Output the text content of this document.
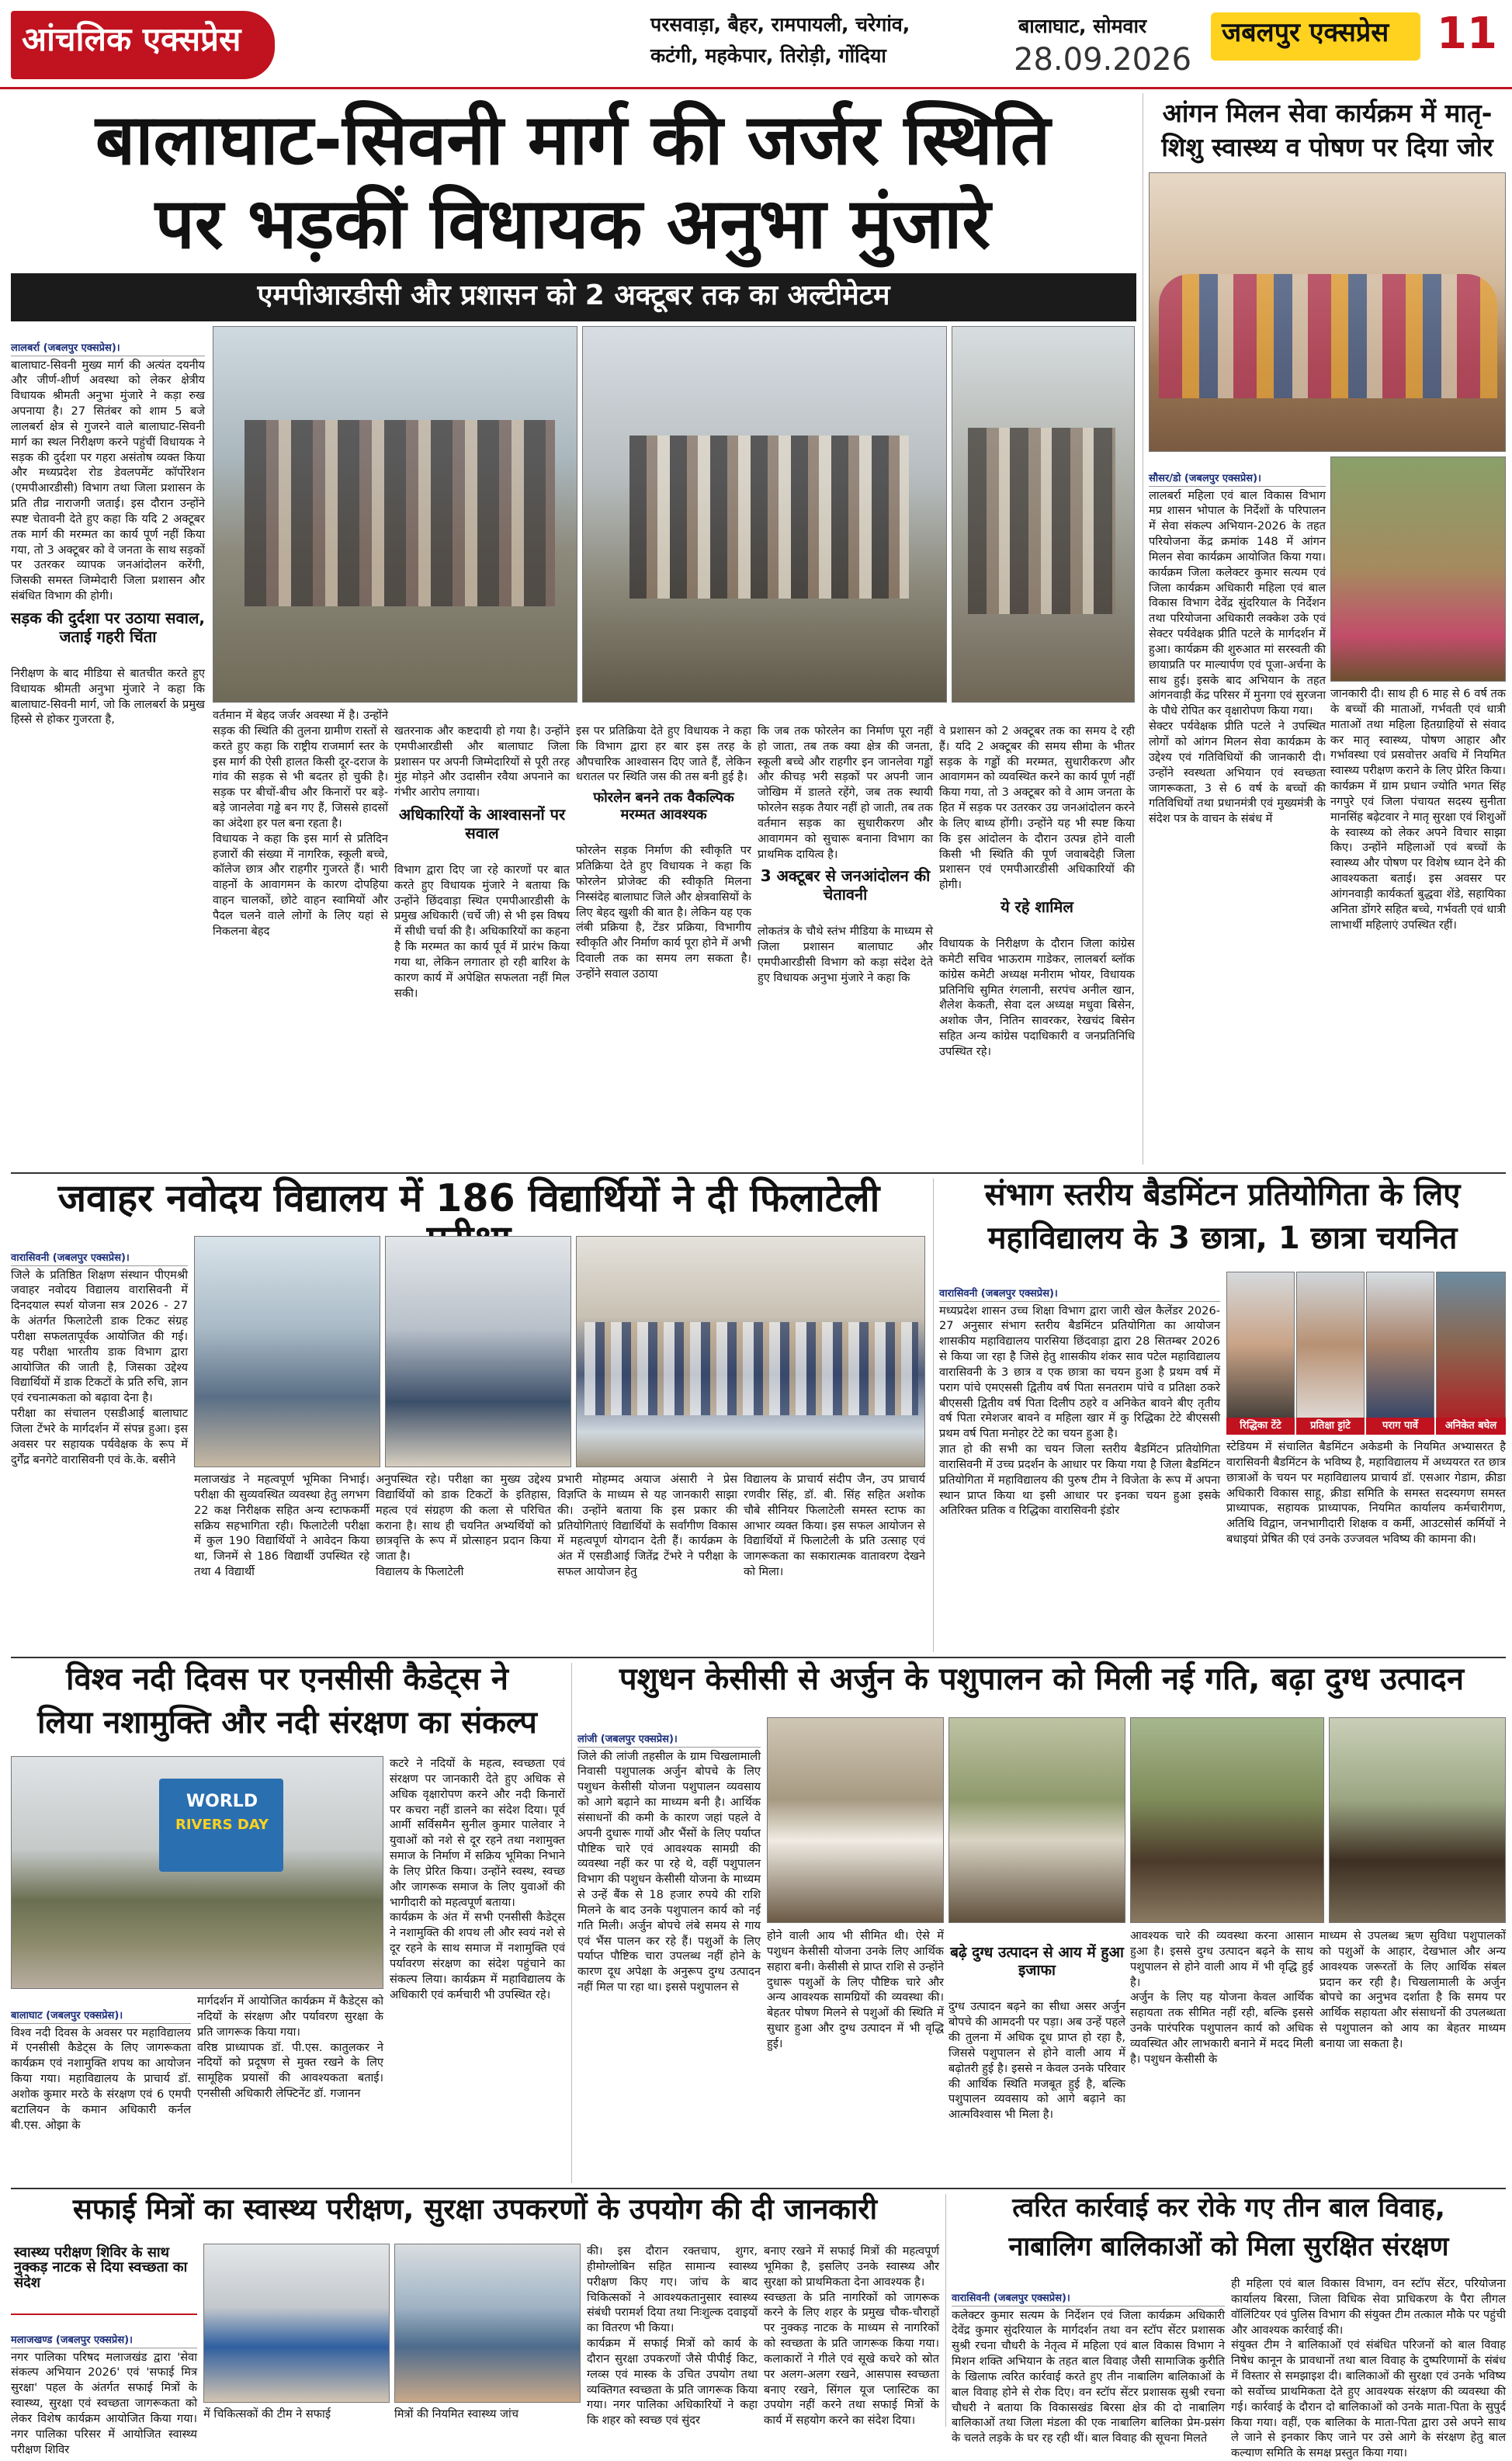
आंचलिक एक्सप्रेस	परसवाड़ा, बैहर, रामपायली, चरेगांव,
कटंगी, महकेपार, तिरोड़ी, गोंदिया
बालाघाट, सोमवार
28.09.2026
जबलपुर एक्सप्रेस	11
बालाघाट-सिवनी मार्ग की जर्जर स्थिति
पर भड़कीं विधायक अनुभा मुंजारे
एमपीआरडीसी और प्रशासन को 2 अक्टूबर तक का अल्टीमेटम

लालबर्रा (जबलपुर एक्सप्रेस)।
बालाघाट-सिवनी मुख्य मार्ग की अत्यंत दयनीय और जीर्ण-शीर्ण अवस्था को लेकर क्षेत्रीय विधायक श्रीमती अनुभा मुंजारे ने कड़ा रुख अपनाया है। 27 सितंबर को शाम 5 बजे लालबर्रा क्षेत्र से गुजरने वाले बालाघाट-सिवनी मार्ग का स्थल निरीक्षण करने पहुंचीं विधायक ने सड़क की दुर्दशा पर गहरा असंतोष व्यक्त किया और मध्यप्रदेश रोड डेवलपमेंट कॉर्पोरेशन (एमपीआरडीसी) विभाग तथा जिला प्रशासन के प्रति तीव्र नाराजगी जताई। इस दौरान उन्होंने स्पष्ट चेतावनी देते हुए कहा कि यदि 2 अक्टूबर तक मार्ग की मरम्मत का कार्य पूर्ण नहीं किया गया, तो 3 अक्टूबर को वे जनता के साथ सड़कों पर उतरकर व्यापक जनआंदोलन करेंगी, जिसकी समस्त जिम्मेदारी जिला प्रशासन और संबंधित विभाग की होगी।

सड़क की दुर्दशा पर उठाया सवाल, जताई गहरी चिंता

निरीक्षण के बाद मीडिया से बातचीत करते हुए विधायक श्रीमती अनुभा मुंजारे ने कहा कि बालाघाट-सिवनी मार्ग, जो कि लालबर्रा के प्रमुख हिस्से से होकर गुजरता है,	वर्तमान में बेहद जर्जर अवस्था में है। उन्होंने सड़क की स्थिति की तुलना ग्रामीण रास्तों से करते हुए कहा कि राष्ट्रीय राजमार्ग स्तर के इस मार्ग की ऐसी हालत किसी दूर-दराज के गांव की सड़क से भी बदतर हो चुकी है। सड़क पर बीचों-बीच और किनारों पर बड़े-बड़े जानलेवा गड्ढे बन गए हैं, जिससे हादसों का अंदेशा हर पल बना रहता है।
विधायक ने कहा कि इस मार्ग से प्रतिदिन हजारों की संख्या में नागरिक, स्कूली बच्चे, कॉलेज छात्र और राहगीर गुजरते हैं। भारी वाहनों के आवागमन के कारण दोपहिया वाहन चालकों, छोटे वाहन स्वामियों और पैदल चलने वाले लोगों के लिए यहां से निकलना बेहद

खतरनाक और कष्टदायी हो गया है। उन्होंने एमपीआरडीसी और बालाघाट जिला प्रशासन पर अपनी जिम्मेदारियों से पूरी तरह मुंह मोड़ने और उदासीन रवैया अपनाने का गंभीर आरोप लगाया।

अधिकारियों के आश्वासनों पर सवाल

विभाग द्वारा दिए जा रहे कारणों पर बात करते हुए विधायक मुंजारे ने बताया कि उन्होंने छिंदवाड़ा स्थित एमपीआरडीसी के प्रमुख अधिकारी (चर्चे जी) से भी इस विषय में सीधी चर्चा की है। अधिकारियों का कहना है कि मरम्मत का कार्य पूर्व में प्रारंभ किया गया था, लेकिन लगातार हो रही बारिश के कारण कार्य में अपेक्षित सफलता नहीं मिल सकी।

इस पर प्रतिक्रिया देते हुए विधायक ने कहा कि विभाग द्वारा हर बार इस तरह के औपचारिक आश्वासन दिए जाते हैं, लेकिन धरातल पर स्थिति जस की तस बनी हुई है।

फोरलेन बनने तक वैकल्पिक मरम्मत आवश्यक

फोरलेन सड़क निर्माण की स्वीकृति पर प्रतिक्रिया देते हुए विधायक ने कहा कि फोरलेन प्रोजेक्ट की स्वीकृति मिलना निस्संदेह बालाघाट जिले और क्षेत्रवासियों के लिए बेहद खुशी की बात है। लेकिन यह एक लंबी प्रक्रिया है, टेंडर प्रक्रिया, विभागीय स्वीकृति और निर्माण कार्य पूरा होने में अभी दिवाली तक का समय लग सकता है। उन्होंने सवाल उठाया

कि जब तक फोरलेन का निर्माण पूरा नहीं हो जाता, तब तक क्या क्षेत्र की जनता, स्कूली बच्चे और राहगीर इन जानलेवा गड्ढों और कीचड़ भरी सड़कों पर अपनी जान जोखिम में डालते रहेंगे, जब तक स्थायी फोरलेन सड़क तैयार नहीं हो जाती, तब तक वर्तमान सड़क का सुधारीकरण और आवागमन को सुचारू बनाना विभाग का प्राथमिक दायित्व है।

3 अक्टूबर से जनआंदोलन की चेतावनी

लोकतंत्र के चौथे स्तंभ मीडिया के माध्यम से जिला प्रशासन बालाघाट और एमपीआरडीसी विभाग को कड़ा संदेश देते हुए विधायक अनुभा मुंजारे ने कहा कि

वे प्रशासन को 2 अक्टूबर तक का समय दे रही हैं। यदि 2 अक्टूबर की समय सीमा के भीतर सड़क के गड्ढों की मरम्मत, सुधारीकरण और आवागमन को व्यवस्थित करने का कार्य पूर्ण नहीं किया गया, तो 3 अक्टूबर को वे आम जनता के हित में सड़क पर उतरकर उग्र जनआंदोलन करने के लिए बाध्य होंगी। उन्होंने यह भी स्पष्ट किया कि इस आंदोलन के दौरान उत्पन्न होने वाली किसी भी स्थिति की पूर्ण जवाबदेही जिला प्रशासन एवं एमपीआरडीसी अधिकारियों की होगी।

ये रहे शामिल

विधायक के निरीक्षण के दौरान जिला कांग्रेस कमेटी सचिव भाऊराम गाडेकर, लालबर्रा ब्लॉक कांग्रेस कमेटी अध्यक्ष मनीराम भोयर, विधायक प्रतिनिधि सुमित रंगलानी, सरपंच अनील खान, शैलेश केकती, सेवा दल अध्यक्ष मधुवा बिसेन, अशोक जैन, नितिन सावरकर, रेखचंद बिसेन सहित अन्य कांग्रेस पदाधिकारी व जनप्रतिनिधि उपस्थित रहे।

आंगन मिलन सेवा कार्यक्रम में मातृ-
शिशु स्वास्थ्य व पोषण पर दिया जोर

सौसर/डो (जबलपुर एक्सप्रेस)।
लालबर्रा महिला एवं बाल विकास विभाग मप्र शासन भोपाल के निर्देशों के परिपालन में सेवा संकल्प अभियान-2026 के तहत परियोजना केंद्र क्रमांक 148 में आंगन मिलन सेवा कार्यक्रम आयोजित किया गया। कार्यक्रम जिला कलेक्टर कुमार सत्यम एवं जिला कार्यक्रम अधिकारी महिला एवं बाल विकास विभाग देवेंद्र सुंदरियाल के निर्देशन तथा परियोजना अधिकारी लक्केश उके एवं सेक्टर पर्यवेक्षक प्रीति पटले के मार्गदर्शन में हुआ। कार्यक्रम की शुरुआत मां सरस्वती की छायाप्रति पर माल्यार्पण एवं पूजा-अर्चना के साथ हुई। इसके बाद अभियान के तहत आंगनवाड़ी केंद्र परिसर में मुनगा एवं सुरजना के पौधे रोपित कर वृक्षारोपण किया गया।
सेक्टर पर्यवेक्षक प्रीति पटले ने उपस्थित लोगों को आंगन मिलन सेवा कार्यक्रम के उद्देश्य एवं गतिविधियों की जानकारी दी। उन्होंने स्वस्थता अभियान एवं स्वच्छता जागरूकता, 3 से 6 वर्ष के बच्चों की गतिविधियों तथा प्रधानमंत्री एवं मुख्यमंत्री के संदेश पत्र के वाचन के संबंध में

जानकारी दी। साथ ही 6 माह से 6 वर्ष तक के बच्चों की माताओं, गर्भवती एवं धात्री माताओं तथा महिला हितग्राहियों से संवाद कर मातृ स्वास्थ्य, पोषण आहार और गर्भावस्था एवं प्रसवोत्तर अवधि में नियमित स्वास्थ्य परीक्षण कराने के लिए प्रेरित किया। कार्यक्रम में ग्राम प्रधान ज्योति भगत सिंह नगपुरे एवं जिला पंचायत सदस्य सुनीता मानसिंह बढ़ेटवार ने मातृ सुरक्षा एवं शिशुओं के स्वास्थ्य को लेकर अपने विचार साझा किए। उन्होंने महिलाओं एवं बच्चों के स्वास्थ्य और पोषण पर विशेष ध्यान देने की आवश्यकता बताई। इस अवसर पर आंगनवाड़ी कार्यकर्ता बुद्धवा शेंडे, सहायिका अनिता डोंगरे सहित बच्चे, गर्भवती एवं धात्री लाभार्थी महिलाएं उपस्थित रहीं।
जवाहर नवोदय विद्यालय में 186 विद्यार्थियों ने दी फिलाटेली

वारासिवनी (जबलपुर एक्सप्रेस)।
जिले के प्रतिष्ठित शिक्षण संस्थान पीएमश्री जवाहर नवोदय विद्यालय वारासिवनी में दिनदयाल स्पर्श योजना सत्र 2026 - 27 के अंतर्गत फिलाटेली डाक टिकट संग्रह परीक्षा सफलतापूर्वक आयोजित की गई। यह परीक्षा भारतीय डाक विभाग द्वारा आयोजित की जाती है, जिसका उद्देश्य विद्यार्थियों में डाक टिकटों के प्रति रुचि, ज्ञान एवं रचनात्मकता को बढ़ावा देना है।
परीक्षा का संचालन एसडीआई बालाघाट जिला टेंभरे के मार्गदर्शन में संपन्न हुआ। इस अवसर पर सहायक पर्यवेक्षक के रूप में दुर्गेंद्र बनगेटे वारासिवनी एवं के.के. बसीने

मलाजखंड ने महत्वपूर्ण भूमिका निभाई। परीक्षा की सुव्यवस्थित व्यवस्था हेतु लगभग 22 कक्ष निरीक्षक सहित अन्य स्टाफकर्मी सक्रिय सहभागिता रही। फिलाटेली परीक्षा में कुल 190 विद्यार्थियों ने आवेदन किया था, जिनमें से 186 विद्यार्थी उपस्थित रहे तथा 4 विद्यार्थी
अनुपस्थित रहे। परीक्षा का मुख्य उद्देश्य विद्यार्थियों को डाक टिकटों के इतिहास, महत्व एवं संग्रहण की कला से परिचित कराना है। साथ ही चयनित अभ्यर्थियों को छात्रवृत्ति के रूप में प्रोत्साहन प्रदान किया जाता है।
विद्यालय के फिलाटेली
प्रभारी मोहम्मद अयाज अंसारी ने प्रेस विज्ञप्ति के माध्यम से यह जानकारी साझा की। उन्होंने बताया कि इस प्रकार की प्रतियोगिताएं विद्यार्थियों के सर्वांगीण विकास में महत्वपूर्ण योगदान देती हैं। कार्यक्रम के अंत में एसडीआई जितेंद्र टेंभरे ने परीक्षा के सफल आयोजन हेतु
विद्यालय के प्राचार्य संदीप जैन, उप प्राचार्य रणवीर सिंह, डॉ. बी. सिंह सहित अशोक चौबे सीनियर फिलाटेली समस्त स्टाफ का आभार व्यक्त किया। इस सफल आयोजन से विद्यार्थियों में फिलाटेली के प्रति उत्साह एवं जागरूकता का सकारात्मक वातावरण देखने को मिला।
संभाग स्तरीय बैडमिंटन प्रतियोगिता के लिए
महाविद्यालय के 3 छात्रा, 1 छात्रा चयनित

वारासिवनी (जबलपुर एक्सप्रेस)।
मध्यप्रदेश शासन उच्च शिक्षा विभाग द्वारा जारी खेल कैलेंडर 2026-27 अनुसार संभाग स्तरीय बैडमिंटन प्रतियोगिता का आयोजन शासकीय महाविद्यालय पारसिया छिंदवाड़ा द्वारा 28 सितम्बर 2026 से किया जा रहा है जिसे हेतु शासकीय शंकर साव पटेल महाविद्यालय वारासिवनी के 3 छात्र व एक छात्रा का चयन हुआ है प्रथम वर्ष में पराग पांचे एमएससी द्वितीय वर्ष पिता सनतराम पांचे व प्रतिक्षा ठकरे बीएससी द्वितीय वर्ष पिता दिलीप ठहरे व अनिकेत बावने बीए तृतीय वर्ष पिता रमेशजर बावने व महिला खार में कु रिद्धिका टेटे बीएससी प्रथम वर्ष पिता मनोहर टेटे का चयन हुआ है।
ज्ञात हो की सभी का चयन जिला स्तरीय बैडमिंटन प्रतियोगिता वारासिवनी में उच्च प्रदर्शन के आधार पर किया गया है जिला बैडमिंटन प्रतियोगिता में महाविद्यालय की पुरुष टीम ने विजेता के रूप में अपना स्थान प्राप्त किया था इसी आधार पर इनका चयन हुआ इसके अतिरिक्त प्रतिक व रिद्धिका वारासिवनी इंडोर

रिद्धिका टेंटे	प्रतिक्षा ट्टांटे	पराग पार्वे	अनिकेत बघेल
स्टेडियम में संचालित बैडमिंटन अकेडमी के नियमित अभ्यासरत है वारासिवनी बैडमिंटन के भविष्य है, महाविद्यालय में अध्ययरत रत छात्र छात्राओं के चयन पर महाविद्यालय प्राचार्य डॉ. एसआर गेडाम, क्रीडा अधिकारी विकास साहू, क्रीडा समिति के समस्त सदस्यगण समस्त प्राध्यापक, सहायक प्राध्यापक, नियमित कार्यालय कर्मचारीगण, अतिथि विद्वान, जनभागीदारी शिक्षक व कर्मी, आउटसोर्स कर्मियों ने बधाइयां प्रेषित की एवं उनके उज्जवल भविष्य की कामना की।
विश्व नदी दिवस पर एनसीसी कैडेट्स ने
लिया नशामुक्ति और नदी संरक्षण का संकल्प
WORLD
RIVERS DAY
कटरे ने नदियों के महत्व, स्वच्छता एवं संरक्षण पर जानकारी देते हुए अधिक से अधिक वृक्षारोपण करने और नदी किनारों पर कचरा नहीं डालने का संदेश दिया। पूर्व आर्मी सर्विसमैन सुनील कुमार पालेवार ने युवाओं को नशे से दूर रहने तथा नशामुक्त समाज के निर्माण में सक्रिय भूमिका निभाने के लिए प्रेरित किया। उन्होंने स्वस्थ, स्वच्छ और जागरूक समाज के लिए युवाओं की भागीदारी को महत्वपूर्ण बताया।
कार्यक्रम के अंत में सभी एनसीसी कैडेट्स ने नशामुक्ति की शपथ ली और स्वयं नशे से दूर रहने के साथ समाज में नशामुक्ति एवं पर्यावरण संरक्षण का संदेश पहुंचाने का संकल्प लिया। कार्यक्रम में महाविद्यालय के अधिकारी एवं कर्मचारी भी उपस्थित रहे।

बालाघाट (जबलपुर एक्सप्रेस)।
विश्व नदी दिवस के अवसर पर महाविद्यालय में एनसीसी कैडेट्स के लिए जागरूकता कार्यक्रम एवं नशामुक्ति शपथ का आयोजन किया गया। महाविद्यालय के प्राचार्य डॉ. अशोक कुमार मरठे के संरक्षण एवं 6 एमपी बटालियन के कमान अधिकारी कर्नल बी.एस. ओझा के

मार्गदर्शन में आयोजित कार्यक्रम में कैडेट्स को नदियों के संरक्षण और पर्यावरण सुरक्षा के प्रति जागरूक किया गया।
वरिष्ठ प्राध्यापक डॉ. पी.एस. कातुलकर ने नदियों को प्रदूषण से मुक्त रखने के लिए सामूहिक प्रयासों की आवश्यकता बताई। एनसीसी अधिकारी लेफ्टिनेंट डॉ. गजानन
पशुधन केसीसी से अर्जुन के पशुपालन को मिली नई गति, बढ़ा दुग्ध उत्पादन

लांजी (जबलपुर एक्सप्रेस)।
जिले की लांजी तहसील के ग्राम चिखलामाली निवासी पशुपालक अर्जुन बोपचे के लिए पशुधन केसीसी योजना पशुपालन व्यवसाय को आगे बढ़ाने का माध्यम बनी है। आर्थिक संसाधनों की कमी के कारण जहां पहले वे अपनी दुधारू गायों और भैंसों के लिए पर्याप्त पौष्टिक चारे एवं आवश्यक सामग्री की व्यवस्था नहीं कर पा रहे थे, वहीं पशुपालन विभाग की पशुधन केसीसी योजना के माध्यम से उन्हें बैंक से 18 हजार रुपये की राशि मिलने के बाद उनके पशुपालन कार्य को नई गति मिली। अर्जुन बोपचे लंबे समय से गाय एवं भैंस पालन कर रहे हैं। पशुओं के लिए पर्याप्त पौष्टिक चारा उपलब्ध नहीं होने के कारण दूध अपेक्षा के अनुरूप दुग्ध उत्पादन नहीं मिल पा रहा था। इससे पशुपालन से

होने वाली आय भी सीमित थी। ऐसे में पशुधन केसीसी योजना उनके लिए आर्थिक सहारा बनी। केसीसी से प्राप्त राशि से उन्होंने दुधारू पशुओं के लिए पौष्टिक चारे और अन्य आवश्यक सामग्रियों की व्यवस्था की। बेहतर पोषण मिलने से पशुओं की स्थिति में सुधार हुआ और दुग्ध उत्पादन में भी वृद्धि हुई।

बढ़े दुग्ध उत्पादन से आय में हुआ इजाफा

दुग्ध उत्पादन बढ़ने का सीधा असर अर्जुन बोपचे की आमदनी पर पड़ा। अब उन्हें पहले की तुलना में अधिक दूध प्राप्त हो रहा है, जिससे पशुपालन से होने वाली आय में बढ़ोतरी हुई है। इससे न केवल उनके परिवार की आर्थिक स्थिति मजबूत हुई है, बल्कि पशुपालन व्यवसाय को आगे बढ़ाने का आत्मविश्वास भी मिला है।

आवश्यक चारे की व्यवस्था करना आसान हुआ है। इससे दुग्ध उत्पादन बढ़ने के साथ पशुपालन से होने वाली आय में भी वृद्धि हुई है।
अर्जुन के लिए यह योजना केवल आर्थिक सहायता तक सीमित नहीं रही, बल्कि इससे उनके पारंपरिक पशुपालन कार्य को अधिक व्यवस्थित और लाभकारी बनाने में मदद मिली है। पशुधन केसीसी के
माध्यम से उपलब्ध ऋण सुविधा पशुपालकों को पशुओं के आहार, देखभाल और अन्य आवश्यक जरूरतों के लिए आर्थिक संबल प्रदान कर रही है। चिखलामाली के अर्जुन बोपचे का अनुभव दर्शाता है कि समय पर आर्थिक सहायता और संसाधनों की उपलब्धता से पशुपालन को आय का बेहतर माध्यम बनाया जा सकता है।
सफाई मित्रों का स्वास्थ्य परीक्षण, सुरक्षा उपकरणों के उपयोग की दी जानकारी
स्वास्थ्य परीक्षण शिविर के साथ नुक्कड़ नाटक से दिया स्वच्छता का संदेश

मलाजखण्ड (जबलपुर एक्सप्रेस)।
नगर पालिका परिषद मलाजखंड द्वारा 'सेवा संकल्प अभियान 2026' एवं 'सफाई मित्र सुरक्षा' पहल के अंतर्गत सफाई मित्रों के स्वास्थ्य, सुरक्षा एवं स्वच्छता जागरूकता को लेकर विशेष कार्यक्रम आयोजित किया गया। नगर पालिका परिसर में आयोजित स्वास्थ्य परीक्षण शिविर

में चिकित्सकों की टीम ने सफाई	मित्रों की नियमित स्वास्थ्य जांच
की। इस दौरान रक्तचाप, शुगर, हीमोग्लोबिन सहित सामान्य स्वास्थ्य परीक्षण किए गए। जांच के बाद चिकित्सकों ने आवश्यकतानुसार स्वास्थ्य संबंधी परामर्श दिया तथा निःशुल्क दवाइयों का वितरण भी किया।
कार्यक्रम में सफाई मित्रों को कार्य के दौरान सुरक्षा उपकरणों जैसे पीपीई किट, ग्लव्स एवं मास्क के उचित उपयोग तथा व्यक्तिगत स्वच्छता के प्रति जागरूक किया गया। नगर पालिका अधिकारियों ने कहा कि शहर को स्वच्छ एवं सुंदर
बनाए रखने में सफाई मित्रों की महत्वपूर्ण भूमिका है, इसलिए उनके स्वास्थ्य और सुरक्षा को प्राथमिकता देना आवश्यक है।
स्वच्छता के प्रति नागरिकों को जागरूक करने के लिए शहर के प्रमुख चौक-चौराहों पर नुक्कड़ नाटक के माध्यम से नागरिकों को स्वच्छता के प्रति जागरूक किया गया। कलाकारों ने गीले एवं सूखे कचरे को स्रोत पर अलग-अलग रखने, आसपास स्वच्छता बनाए रखने, सिंगल यूज प्लास्टिक का उपयोग नहीं करने तथा सफाई मित्रों के कार्य में सहयोग करने का संदेश दिया।
त्वरित कार्रवाई कर रोके गए तीन बाल विवाह,
नाबालिग बालिकाओं को मिला सुरक्षित संरक्षण

वारासिवनी (जबलपुर एक्सप्रेस)।
कलेक्टर कुमार सत्यम के निर्देशन एवं जिला कार्यक्रम अधिकारी देवेंद्र कुमार सुंदरियाल के मार्गदर्शन तथा वन स्टॉप सेंटर प्रशासक सुश्री रचना चौधरी के नेतृत्व में महिला एवं बाल विकास विभाग ने मिशन शक्ति अभियान के तहत बाल विवाह जैसी सामाजिक कुरीति के खिलाफ त्वरित कार्रवाई करते हुए तीन नाबालिग बालिकाओं के बाल विवाह होने से रोक दिए। वन स्टॉप सेंटर प्रशासक सुश्री रचना चौधरी ने बताया कि विकासखंड बिरसा क्षेत्र की दो नाबालिग बालिकाओं तथा जिला मंडला की एक नाबालिग बालिका प्रेम-प्रसंग के चलते लड़के के घर रह रही थीं। बाल विवाह की सूचना मिलते

ही महिला एवं बाल विकास विभाग, वन स्टॉप सेंटर, परियोजना कार्यालय बिरसा, जिला विधिक सेवा प्राधिकरण के पैरा लीगल वॉलिंटियर एवं पुलिस विभाग की संयुक्त टीम तत्काल मौके पर पहुंची और आवश्यक कार्रवाई की।
संयुक्त टीम ने बालिकाओं एवं संबंधित परिजनों को बाल विवाह निषेध कानून के प्रावधानों तथा बाल विवाह के दुष्परिणामों के संबंध में विस्तार से समझाइश दी। बालिकाओं की सुरक्षा एवं उनके भविष्य को सर्वोच्च प्राथमिकता देते हुए आवश्यक संरक्षण की व्यवस्था की गई। कार्रवाई के दौरान दो बालिकाओं को उनके माता-पिता के सुपुर्द किया गया। वहीं, एक बालिका के माता-पिता द्वारा उसे अपने साथ ले जाने से इनकार किए जाने पर उसे आगे के संरक्षण हेतु बाल कल्याण समिति के समक्ष प्रस्तुत किया गया।
